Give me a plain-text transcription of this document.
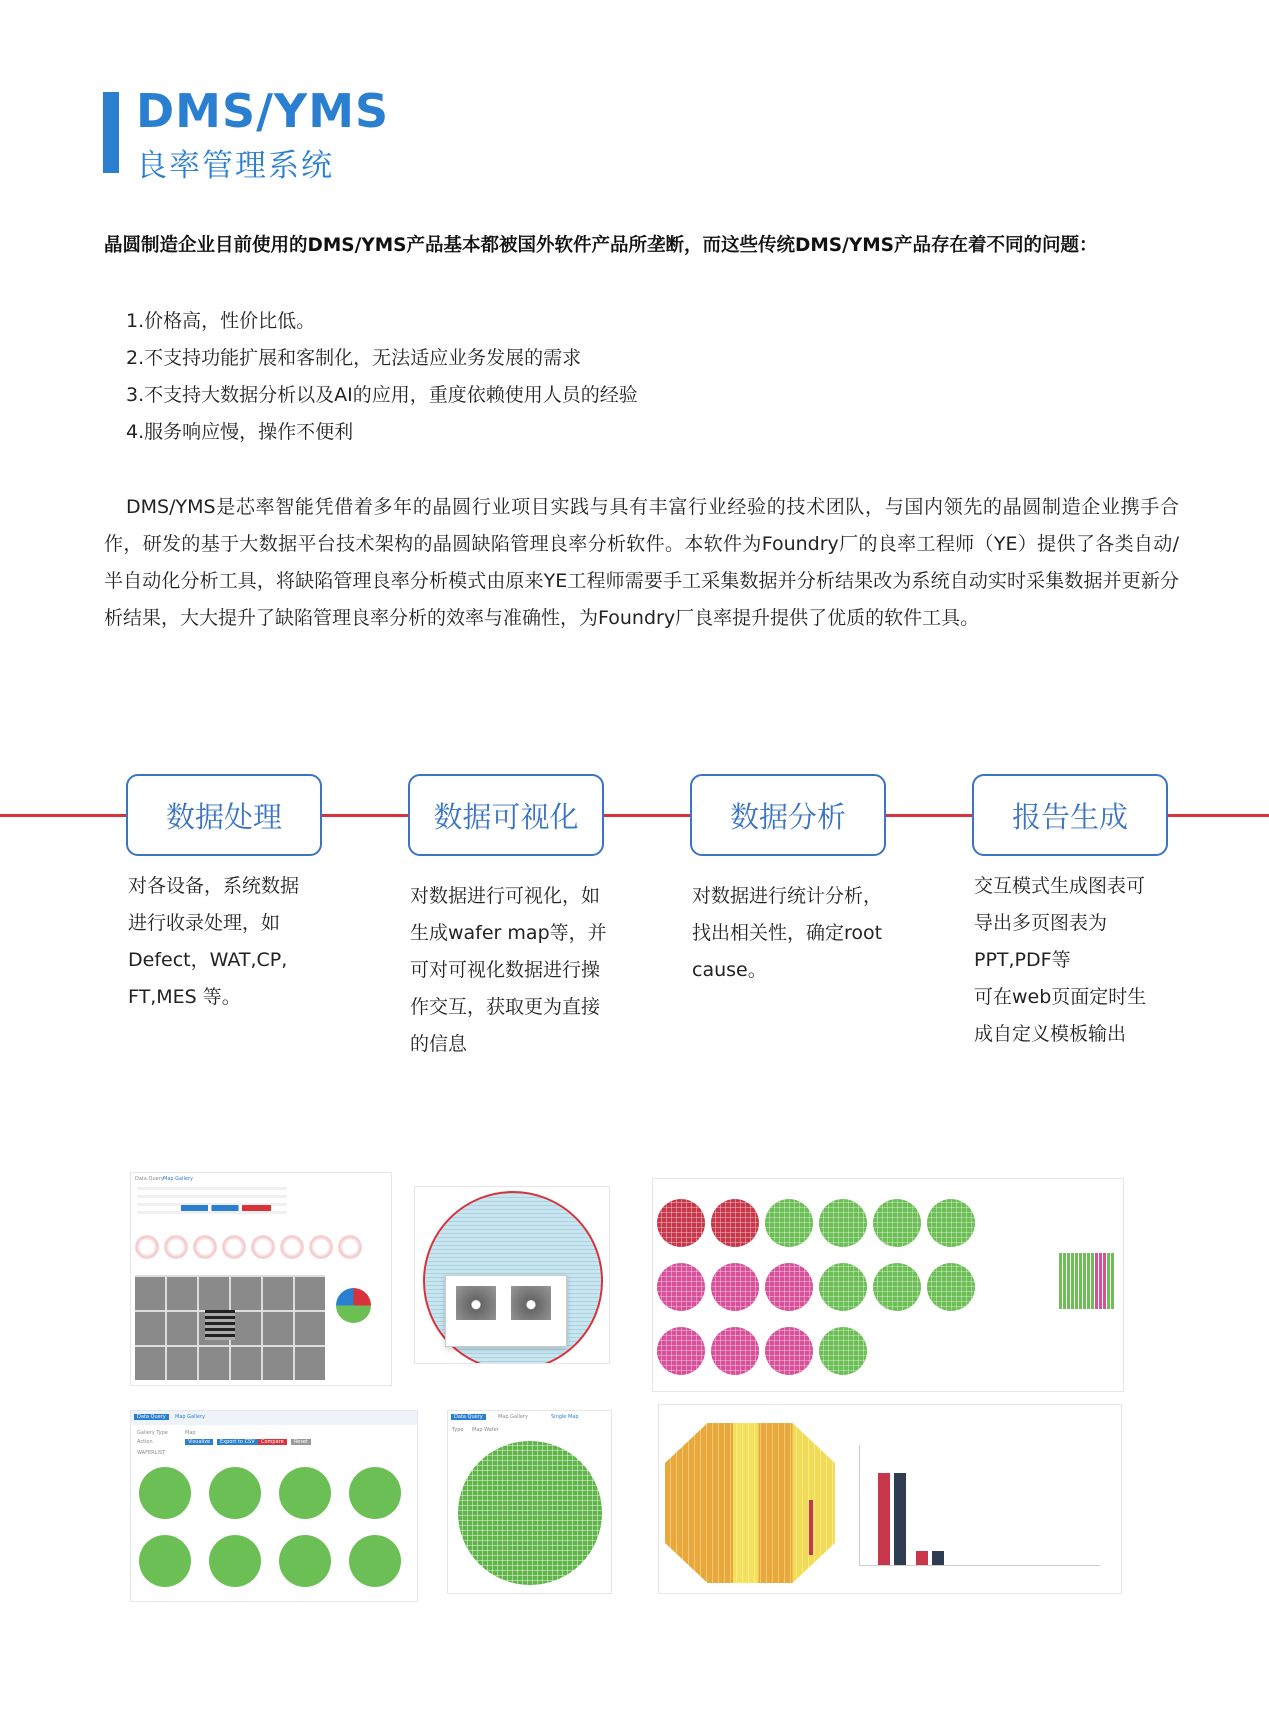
DMS/YMS
良率管理系统
晶圆制造企业目前使用的DMS/YMS产品基本都被国外软件产品所垄断，而这些传统DMS/YMS产品存在着不同的问题：
1.价格高，性价比低。
2.不支持功能扩展和客制化，无法适应业务发展的需求
3.不支持大数据分析以及AI的应用，重度依赖使用人员的经验
4.服务响应慢，操作不便利
DMS/YMS是芯率智能凭借着多年的晶圆行业项目实践与具有丰富行业经验的技术团队，与国内领先的晶圆制造企业携手合作，研发的基于大数据平台技术架构的晶圆缺陷管理良率分析软件。本软件为Foundry厂的良率工程师（YE）提供了各类自动/半自动化分析工具，将缺陷管理良率分析模式由原来YE工程师需要手工采集数据并分析结果改为系统自动实时采集数据并更新分析结果，大大提升了缺陷管理良率分析的效率与准确性，为Foundry厂良率提升提供了优质的软件工具。
数据处理	数据可视化	数据分析	报告生成
对各设备，系统数据
进行收录处理，如
Defect，WAT,CP,
FT,MES 等。
对数据进行可视化，如
生成wafer map等，并
可对可视化数据进行操
作交互，获取更为直接
的信息
对数据进行统计分析，
找出相关性，确定root
cause。
交互模式生成图表可
导出多页图表为
PPT,PDF等
可在web页面定时生
成自定义模板输出
Data Query Map Gallery
Data Query	Map Gallery
Gallery Type	Map
Action	Visualize	Export to CSV	Compare	Reset
WAFERLIST
Data Query	Map Gallery	Single Map
Type Map Wafer
